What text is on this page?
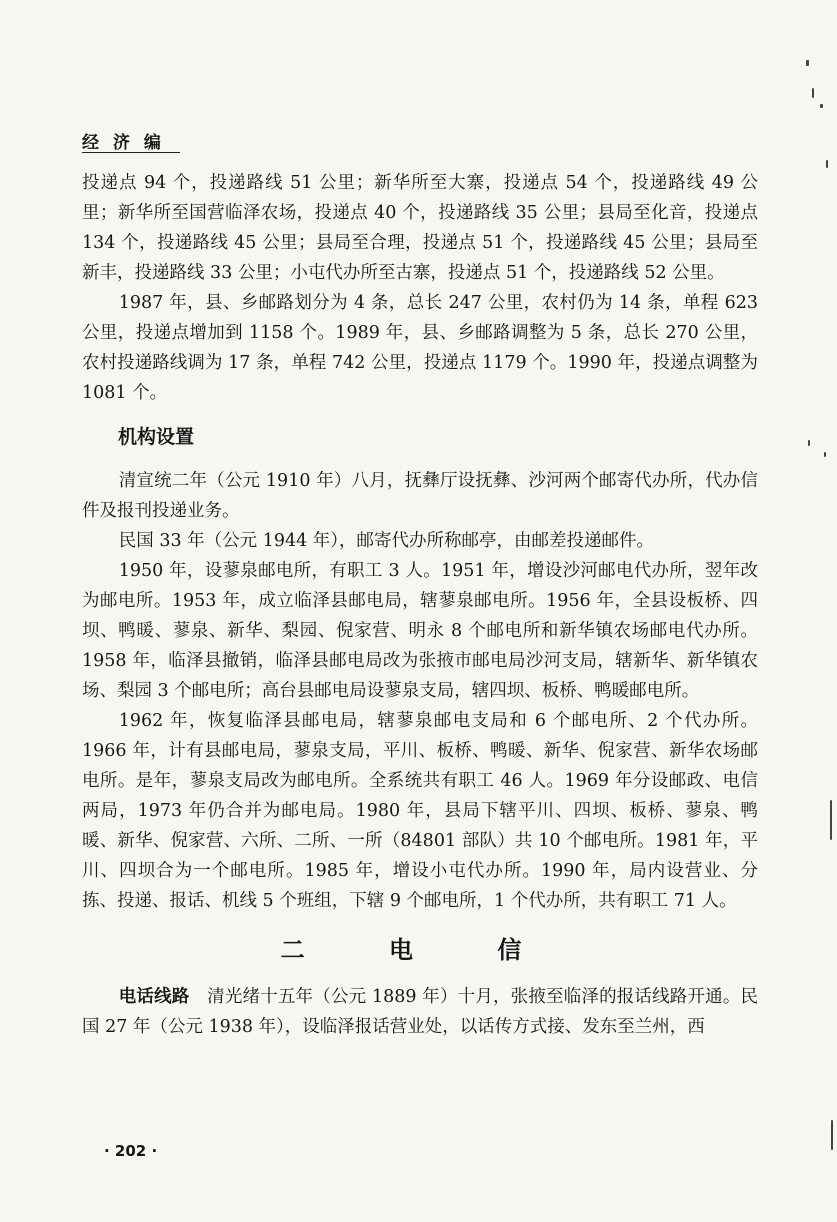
经 济 编

投递点 94 个，投递路线 51 公里；新华所至大寨，投递点 54 个，投递路线 49 公里；新华所至国营临泽农场，投递点 40 个，投递路线 35 公里；县局至化音，投递点 134 个，投递路线 45 公里；县局至合理，投递点 51 个，投递路线 45 公里；县局至新丰，投递路线 33 公里；小屯代办所至古寨，投递点 51 个，投递路线 52 公里。

1987 年，县、乡邮路划分为 4 条，总长 247 公里，农村仍为 14 条，单程 623 公里，投递点增加到 1158 个。1989 年，县、乡邮路调整为 5 条，总长 270 公里，农村投递路线调为 17 条，单程 742 公里，投递点 1179 个。1990 年，投递点调整为 1081 个。

机构设置

清宣统二年（公元 1910 年）八月，抚彝厅设抚彝、沙河两个邮寄代办所，代办信件及报刊投递业务。

民国 33 年（公元 1944 年），邮寄代办所称邮亭，由邮差投递邮件。

1950 年，设蓼泉邮电所，有职工 3 人。1951 年，增设沙河邮电代办所，翌年改为邮电所。1953 年，成立临泽县邮电局，辖蓼泉邮电所。1956 年，全县设板桥、四坝、鸭暖、蓼泉、新华、梨园、倪家营、明永 8 个邮电所和新华镇农场邮电代办所。1958 年，临泽县撤销，临泽县邮电局改为张掖市邮电局沙河支局，辖新华、新华镇农场、梨园 3 个邮电所；高台县邮电局设蓼泉支局，辖四坝、板桥、鸭暖邮电所。

1962 年，恢复临泽县邮电局，辖蓼泉邮电支局和 6 个邮电所、2 个代办所。1966 年，计有县邮电局，蓼泉支局，平川、板桥、鸭暖、新华、倪家营、新华农场邮电所。是年，蓼泉支局改为邮电所。全系统共有职工 46 人。1969 年分设邮政、电信两局，1973 年仍合并为邮电局。1980 年，县局下辖平川、四坝、板桥、蓼泉、鸭暖、新华、倪家营、六所、二所、一所（84801 部队）共 10 个邮电所。1981 年，平川、四坝合为一个邮电所。1985 年，增设小屯代办所。1990 年，局内设营业、分拣、投递、报话、机线 5 个班组，下辖 9 个邮电所，1 个代办所，共有职工 71 人。

二 电 信

电话线路　 清光绪十五年（公元 1889 年）十月，张掖至临泽的报话线路开通。民国 27 年（公元 1938 年），设临泽报话营业处，以话传方式接、发东至兰州，西

· 202 ·
